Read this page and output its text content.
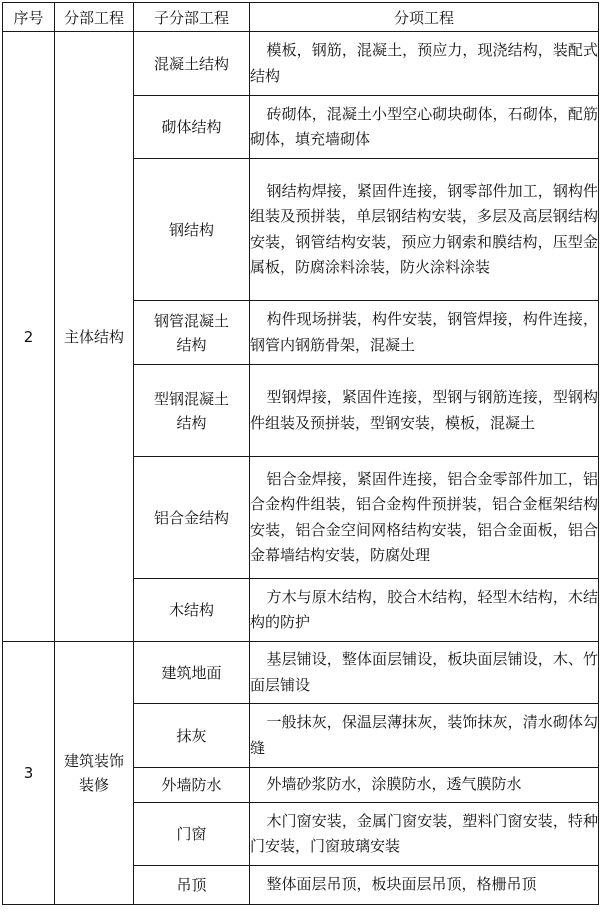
序号	分部工程	子分部工程	分项工程
2	主体结构	混凝土结构	模板，钢筋，混凝土，预应力，现浇结构，装配式结构

		砌体结构	砖砌体，混凝土小型空心砌块砌体，石砌体，配筋砌体，填充墙砌体

		钢结构	钢结构焊接，紧固件连接，钢零部件加工，钢构件组装及预拼装，单层钢结构安装，多层及高层钢结构安装，钢管结构安装，预应力钢索和膜结构，压型金属板，防腐涂料涂装，防火涂料涂装

		钢管混凝土结构	构件现场拼装，构件安装，钢管焊接，构件连接，钢管内钢筋骨架，混凝土

		型钢混凝土结构	型钢焊接，紧固件连接，型钢与钢筋连接，型钢构件组装及预拼装，型钢安装，模板，混凝土

		铝合金结构	铝合金焊接，紧固件连接，铝合金零部件加工，铝合金构件组装，铝合金构件预拼装，铝合金框架结构安装，铝合金空间网格结构安装，铝合金面板，铝合金幕墙结构安装，防腐处理

		木结构	方木与原木结构，胶合木结构，轻型木结构，木结构的防护

3	建筑装饰装修	建筑地面	基层铺设，整体面层铺设，板块面层铺设，木、竹面层铺设

		抹灰	一般抹灰，保温层薄抹灰，装饰抹灰，清水砌体勾缝

		外墙防水	外墙砂浆防水，涂膜防水，透气膜防水

		门窗	木门窗安装，金属门窗安装，塑料门窗安装，特种门安装，门窗玻璃安装

		吊顶	整体面层吊顶，板块面层吊顶，格栅吊顶
